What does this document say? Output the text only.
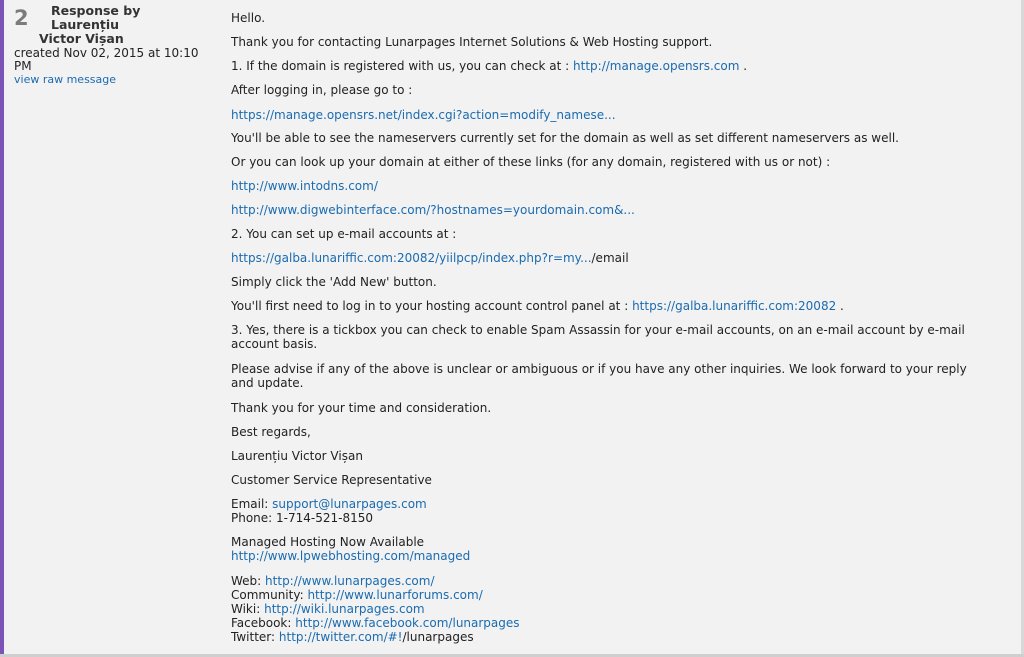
2	Response by Laurențiu
Victor Vișan
created Nov 02, 2015 at 10:10 PM
view raw message
Hello.
Thank you for contacting Lunarpages Internet Solutions & Web Hosting support.
1. If the domain is registered with us, you can check at : http://manage.opensrs.com .
After logging in, please go to :
https://manage.opensrs.net/index.cgi?action=modify_namese...
You'll be able to see the nameservers currently set for the domain as well as set different nameservers as well.
Or you can look up your domain at either of these links (for any domain, registered with us or not) :
http://www.intodns.com/
http://www.digwebinterface.com/?hostnames=yourdomain.com&...
2. You can set up e-mail accounts at :
https://galba.lunariffic.com:20082/yiilpcp/index.php?r=my.../email
Simply click the 'Add New' button.
You'll first need to log in to your hosting account control panel at : https://galba.lunariffic.com:20082 .
3. Yes, there is a tickbox you can check to enable Spam Assassin for your e-mail accounts, on an e-mail account by e-mail account basis.
Please advise if any of the above is unclear or ambiguous or if you have any other inquiries. We look forward to your reply and update.
Thank you for your time and consideration.
Best regards,
Laurențiu Victor Vișan
Customer Service Representative
Email: support@lunarpages.com
Phone: 1-714-521-8150
Managed Hosting Now Available
http://www.lpwebhosting.com/managed
Web: http://www.lunarpages.com/
Community: http://www.lunarforums.com/
Wiki: http://wiki.lunarpages.com
Facebook: http://www.facebook.com/lunarpages
Twitter: http://twitter.com/#!/lunarpages
